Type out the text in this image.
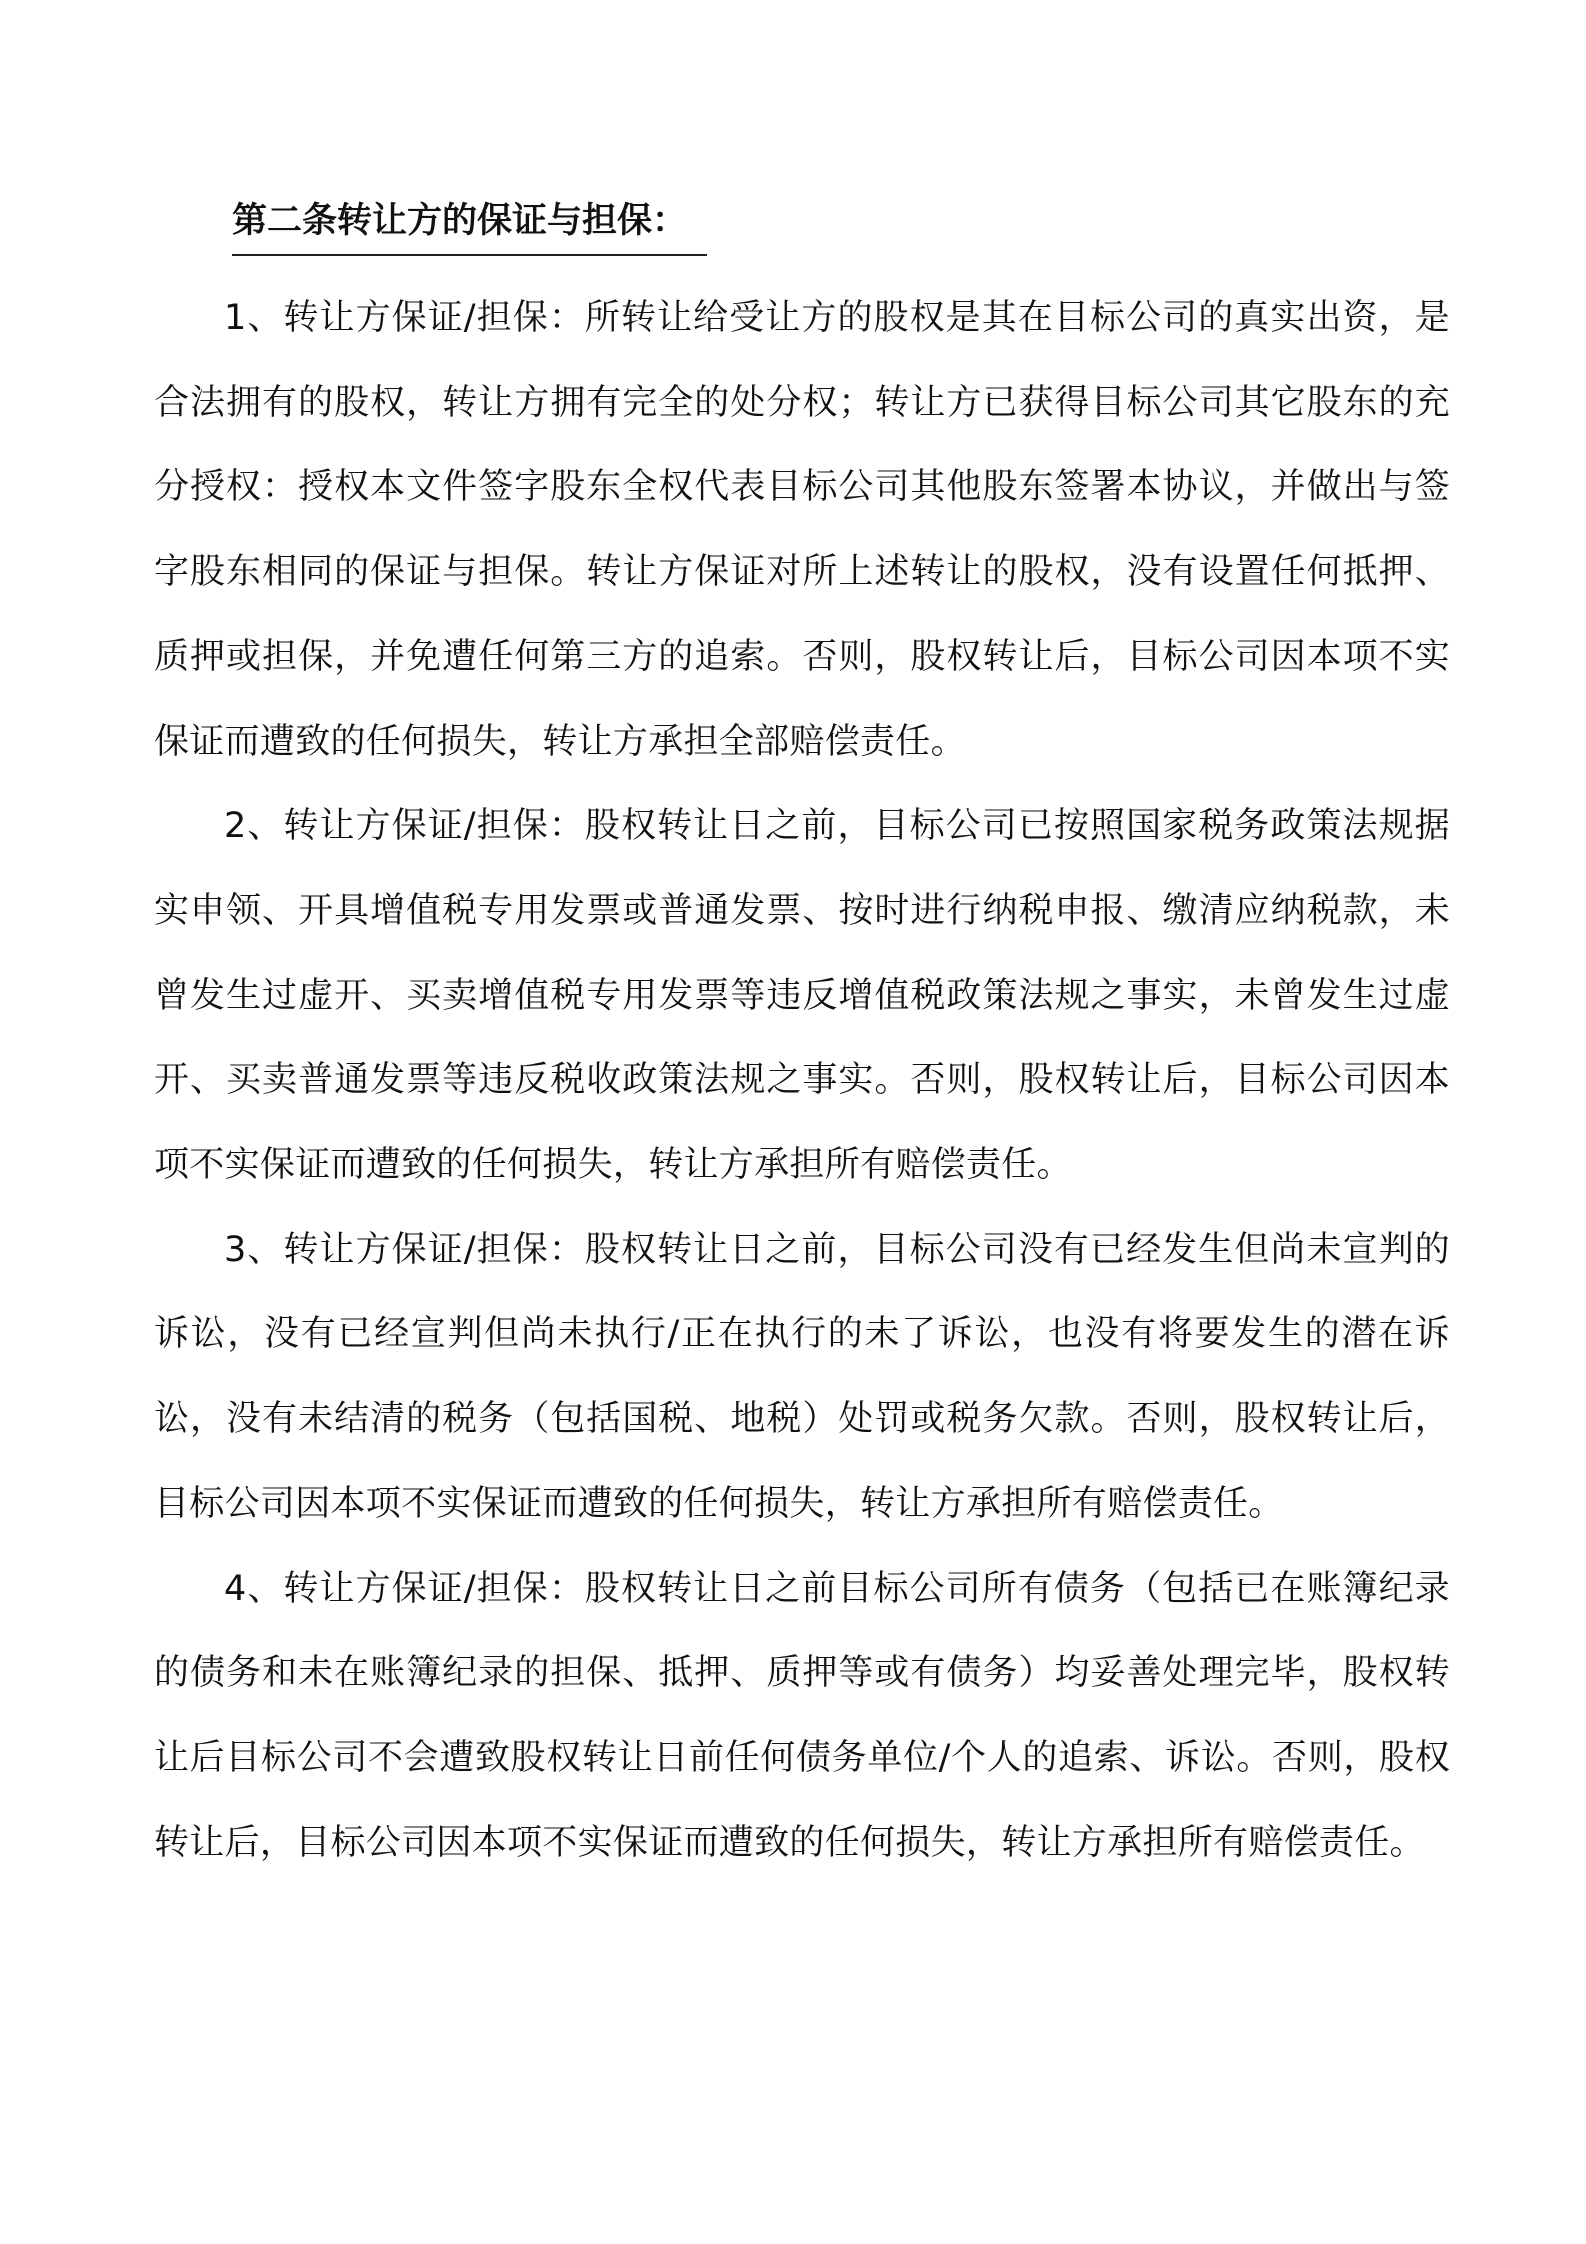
第二条转让方的保证与担保：

1、转让方保证/担保：所转让给受让方的股权是其在目标公司的真实出资，是合法拥有的股权，转让方拥有完全的处分权；转让方已获得目标公司其它股东的充分授权：授权本文件签字股东全权代表目标公司其他股东签署本协议，并做出与签字股东相同的保证与担保。转让方保证对所上述转让的股权，没有设置任何抵押、质押或担保，并免遭任何第三方的追索。否则，股权转让后，目标公司因本项不实保证而遭致的任何损失，转让方承担全部赔偿责任。

2、转让方保证/担保：股权转让日之前，目标公司已按照国家税务政策法规据实申领、开具增值税专用发票或普通发票、按时进行纳税申报、缴清应纳税款，未曾发生过虚开、买卖增值税专用发票等违反增值税政策法规之事实，未曾发生过虚开、买卖普通发票等违反税收政策法规之事实。否则，股权转让后，目标公司因本项不实保证而遭致的任何损失，转让方承担所有赔偿责任。

3、转让方保证/担保：股权转让日之前，目标公司没有已经发生但尚未宣判的诉讼，没有已经宣判但尚未执行/正在执行的未了诉讼，也没有将要发生的潜在诉讼，没有未结清的税务（包括国税、地税）处罚或税务欠款。否则，股权转让后，目标公司因本项不实保证而遭致的任何损失，转让方承担所有赔偿责任。

4、转让方保证/担保：股权转让日之前目标公司所有债务（包括已在账簿纪录的债务和未在账簿纪录的担保、抵押、质押等或有债务）均妥善处理完毕，股权转让后目标公司不会遭致股权转让日前任何债务单位/个人的追索、诉讼。否则，股权转让后，目标公司因本项不实保证而遭致的任何损失，转让方承担所有赔偿责任。
